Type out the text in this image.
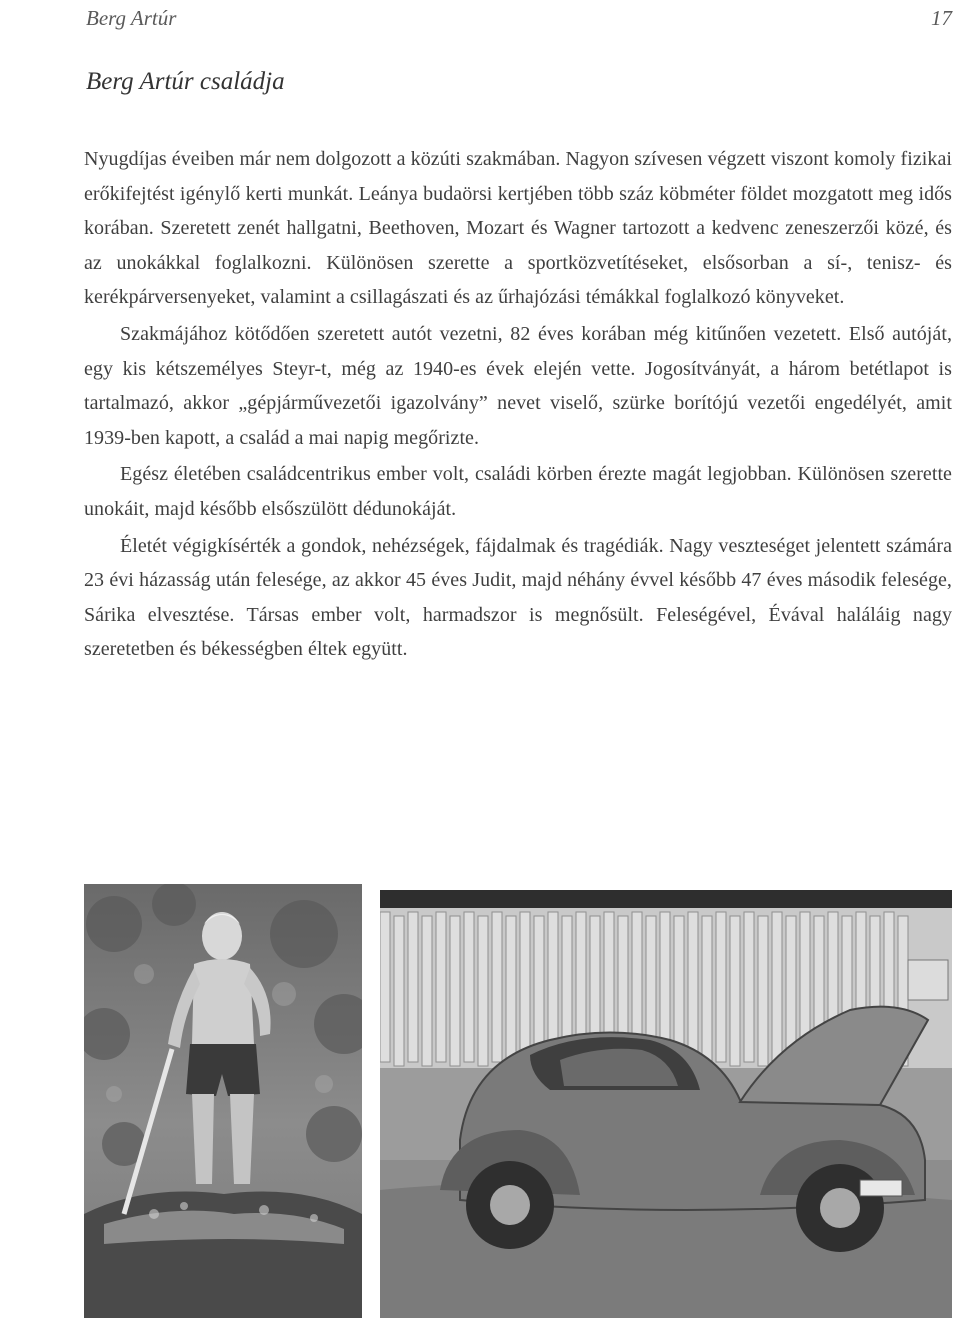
Berg Artúr	17
Berg Artúr családja

Nyugdíjas éveiben már nem dolgozott a közúti szakmában. Nagyon szívesen végzett viszont komoly fizikai erőkifejtést igénylő kerti munkát. Leánya budaörsi kertjében több száz köbméter földet mozgatott meg idős korában. Szeretett zenét hallgatni, Beethoven, Mozart és Wagner tartozott a kedvenc zeneszerzői közé, és az unokákkal foglalkozni. Különösen szerette a sportközvetítéseket, elsősorban a sí-, tenisz- és kerékpárversenyeket, valamint a csillagászati és az űrhajózási témákkal foglalkozó könyveket.

Szakmájához kötődően szeretett autót vezetni, 82 éves korában még kitűnően vezetett. Első autóját, egy kis kétszemélyes Steyr-t, még az 1940-es évek elején vette. Jogosítványát, a három betétlapot is tartalmazó, akkor „gépjárművezetői igazolvány” nevet viselő, szürke borítójú vezetői engedélyét, amit 1939-ben kapott, a család a mai napig megőrizte.

Egész életében családcentrikus ember volt, családi körben érezte magát legjobban. Különösen szerette unokáit, majd később elsőszülött dédunokáját.

Életét végigkísérték a gondok, nehézségek, fájdalmak és tragédiák. Nagy veszteséget jelentett számára 23 évi házasság után felesége, az akkor 45 éves Judit, majd néhány évvel később 47 éves második felesége, Sárika elvesztése. Társas ember volt, harmadszor is megnősült. Feleségével, Évával haláláig nagy szeretetben és békességben éltek együtt.
